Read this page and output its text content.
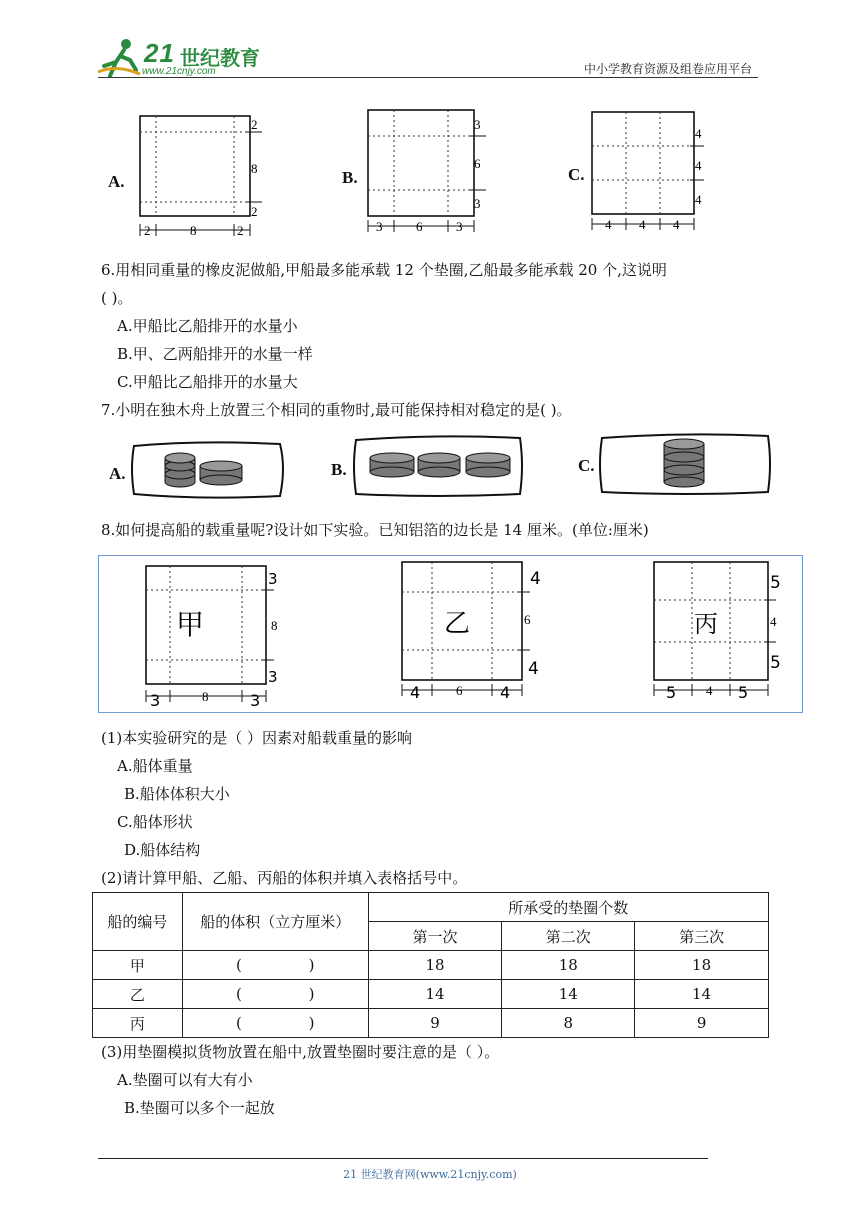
21 世纪教育
www.21cnjy.com	中小学教育资源及组卷应用平台
A.
2
8
2
2	8	2
B.
3
6
3
3	6	3
C.
4
4
4
4 4 4
6.用相同重量的橡皮泥做船,甲船最多能承载 12 个垫圈,乙船最多能承载 20 个,这说明
( )。
A.甲船比乙船排开的水量小
B.甲、乙两船排开的水量一样
C.甲船比乙船排开的水量大
7.小明在独木舟上放置三个相同的重物时,最可能保持相对稳定的是( )。
A.	B.	C.
8.如何提高船的载重量呢?设计如下实验。已知铝箔的边长是 14 厘米。(单位:厘米)
3
8
3
甲
3	8	3
4
6
4
乙
4	6 4
5
4
5
丙
5 4 5
(1)本实验研究的是（ ）因素对船载重量的影响
A.船体重量
B.船体体积大小
C.船体形状
D.船体结构
(2)请计算甲船、乙船、丙船的体积并填入表格括号中。
船的编号	船的体积（立方厘米）	所承受的垫圈个数		
		第一次	第二次	第三次
甲	(              )	18	18	18
乙	(              )	14	14	14
丙	(              )	9	8	9
(3)用垫圈模拟货物放置在船中,放置垫圈时要注意的是（ ）。
A.垫圈可以有大有小
B.垫圈可以多个一起放
21 世纪教育网(www.21cnjy.com)
